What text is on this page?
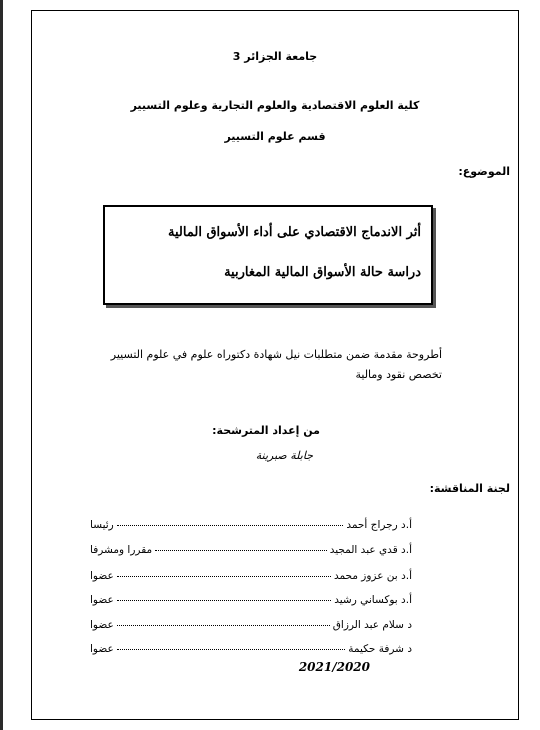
جامعة الجزائر 3
كلية العلوم الاقتصادية والعلوم التجارية وعلوم التسيير
قسم علوم التسيير
الموضوع:
أثر الاندماج الاقتصادي على أداء الأسواق المالية
دراسة حالة الأسواق المالية المغاربية
أطروحة مقدمة ضمن متطلبات نيل شهادة دكتوراه علوم في علوم التسيير
تخصص نقود ومالية
من إعداد المترشحة:
جابلة صبرينة
لجنة المناقشة:
أ.د رجراج أحمد
رئيسا
أ.د قدي عبد المجيد
مقررا ومشرفا
أ.د بن عزوز محمد
عضوا
أ.د بوكساني رشيد
عضوا
د سلام عبد الرزاق
عضوا
د شرفة حكيمة
عضوا
2021/2020
